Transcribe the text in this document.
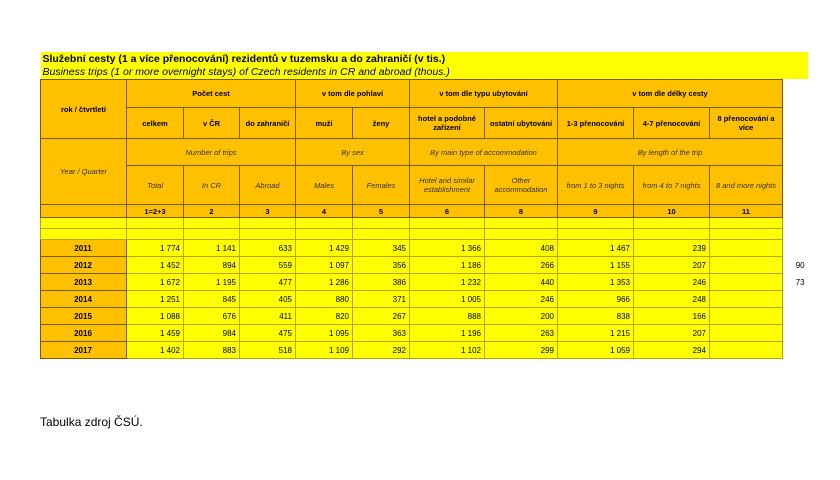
Služební cesty (1 a více přenocování) rezidentů v tuzemsku a do zahraničí (v tis.)											
Business trips (1 or more overnight stays) of Czech residents in CR and abroad (thous.)											
rok / čtvrtletí	Počet cest			v tom dle pohlaví		v tom dle typu ubytování		v tom dle délky cesty			
	celkem	v ČR	do zahraničí	muži	ženy	hotel a podobné zařízení	ostatní ubytování	1-3 přenocování	4-7 přenocování	8 přenocování a více	
Year / Quarter	Number of trips			By sex		By main type of accommodation		By length of the trip			
	Total	In CR	Abroad	Males	Females	Hotel and similar establishment	Other accommodation	from 1 to 3 nights	from 4 to 7 nights	8 and more nights	
	1=2+3	2	3	4	5	6	8	9	10	11	

2011	1 774	1 141	633	1 429	345	1 366	408	1 467	239		
2012	1 452	894	559	1 097	356	1 186	266	1 155	207		90
2013	1 672	1 195	477	1 286	386	1 232	440	1 353	246		73
2014	1 251	845	405	880	371	1 005	246	966	248		
2015	1 088	676	411	820	267	888	200	838	166		
2016	1 459	984	475	1 095	363	1 196	263	1 215	207		
2017	1 402	883	518	1 109	292	1 102	299	1 059	294		
Tabulka zdroj ČSÚ.
